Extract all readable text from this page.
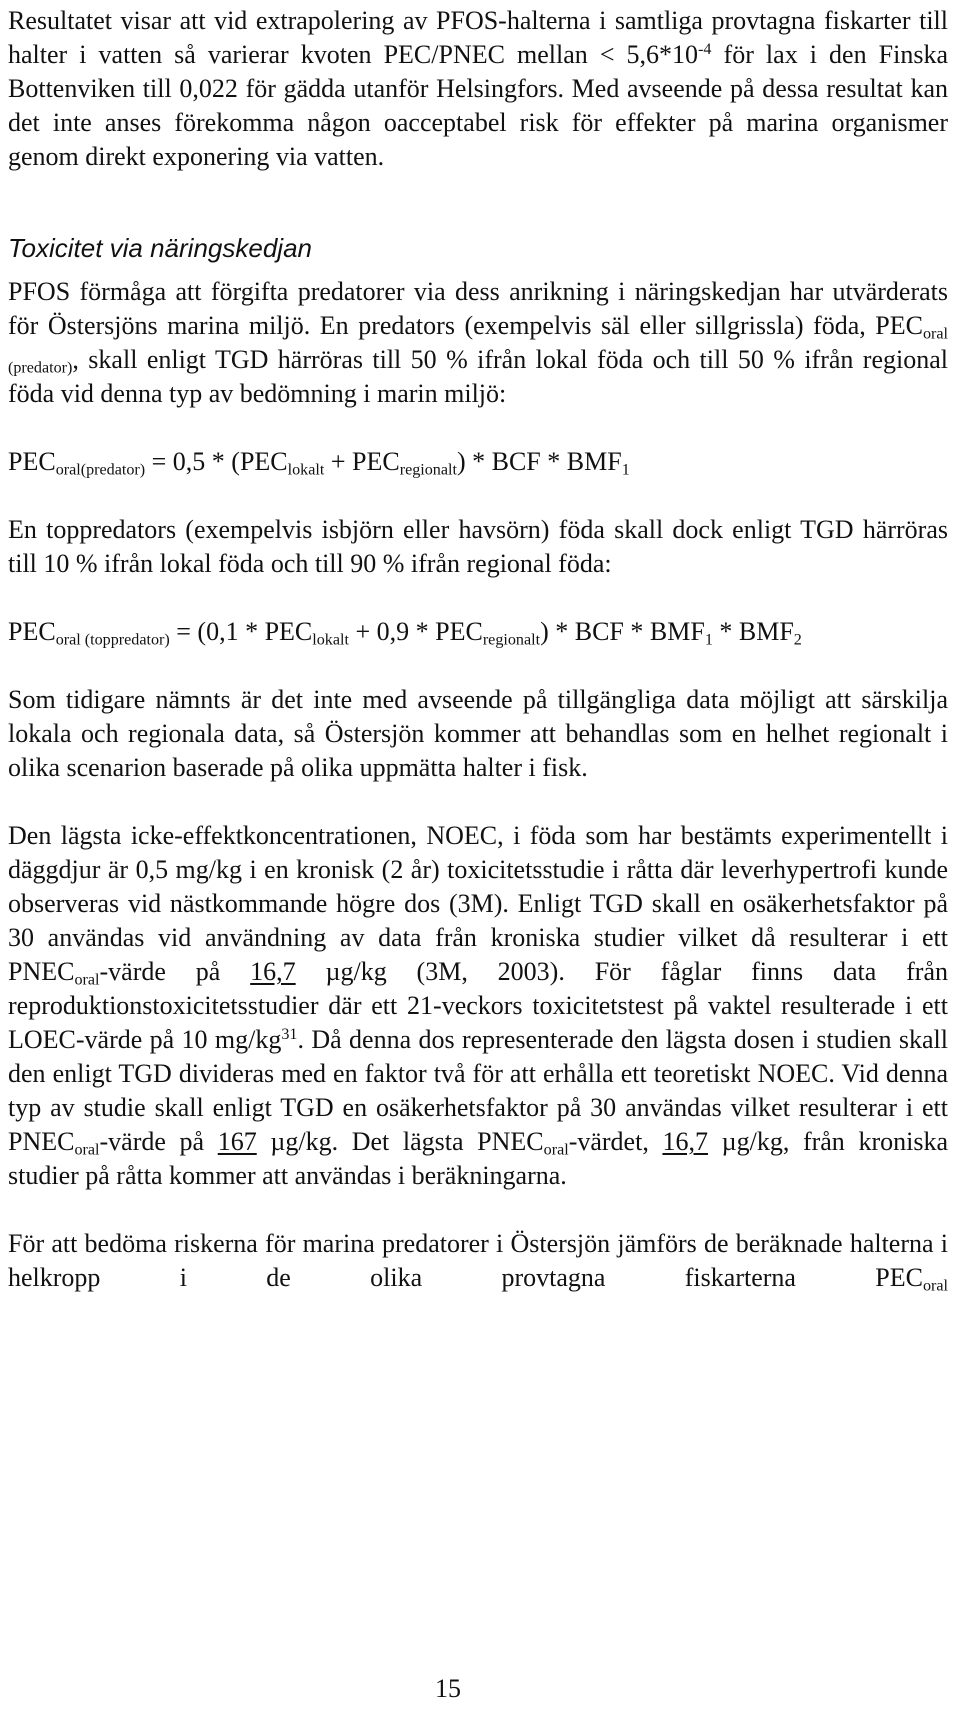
Resultatet visar att vid extrapolering av PFOS-halterna i samtliga provtagna fiskarter till halter i vatten så varierar kvoten PEC/PNEC mellan < $5,6*10^{-4}$ för lax i den Finska Bottenviken till 0,022 för gädda utanför Helsingfors. Med avseende på dessa resultat kan det inte anses förekomma någon oacceptabel risk för effekter på marina organismer genom direkt exponering via vatten.

Toxicitet via näringskedjan

PFOS förmåga att förgifta predatorer via dess anrikning i näringskedjan har utvärderats för Östersjöns marina miljö. En predators (exempelvis säl eller sillgrissla) föda, $PEC_{oral (predator)}$, skall enligt TGD härröras till 50 % ifrån lokal föda och till 50 % ifrån regional föda vid denna typ av bedömning i marin miljö:

$PEC_{oral(predator)} = 0,5 * (PEC_{lokalt} + PEC_{regionalt})$ * BCF * $BMF_1$

En toppredators (exempelvis isbjörn eller havsörn) föda skall dock enligt TGD härröras till 10 % ifrån lokal föda och till 90 % ifrån regional föda:

$PEC_{oral (toppredator)} = (0,1 * PEC_{lokalt} + 0,9 * PEC_{regionalt})$ * BCF * $BMF_1 * BMF_2$

Som tidigare nämnts är det inte med avseende på tillgängliga data möjligt att särskilja lokala och regionala data, så Östersjön kommer att behandlas som en helhet regionalt i olika scenarion baserade på olika uppmätta halter i fisk.

Den lägsta icke-effektkoncentrationen, NOEC, i föda som har bestämts experimentellt i däggdjur är 0,5 mg/kg i en kronisk (2 år) toxicitetsstudie i råtta där leverhypertrofi kunde observeras vid nästkommande högre dos (3M). Enligt TGD skall en osäkerhetsfaktor på 30 användas vid användning av data från kroniska studier vilket då resulterar i ett $PNEC_{oral}$-värde på 16,7 µg/kg (3M, 2003). För fåglar finns data från reproduktionstoxicitetsstudier där ett 21-veckors toxicitetstest på vaktel resulterade i ett LOEC-värde på 10 $mg/kg^{31}$. Då denna dos representerade den lägsta dosen i studien skall den enligt TGD divideras med en faktor två för att erhålla ett teoretiskt NOEC. Vid denna typ av studie skall enligt TGD en osäkerhetsfaktor på 30 användas vilket resulterar i ett $PNEC_{oral}$-värde på 167 µg/kg. Det lägsta $PNEC_{oral}$-värdet, 16,7 µg/kg, från kroniska studier på råtta kommer att användas i beräkningarna.

För att bedöma riskerna för marina predatorer i Östersjön jämförs de beräknade halterna i helkropp i de olika provtagna fiskarterna $PEC_{oral}$

15
